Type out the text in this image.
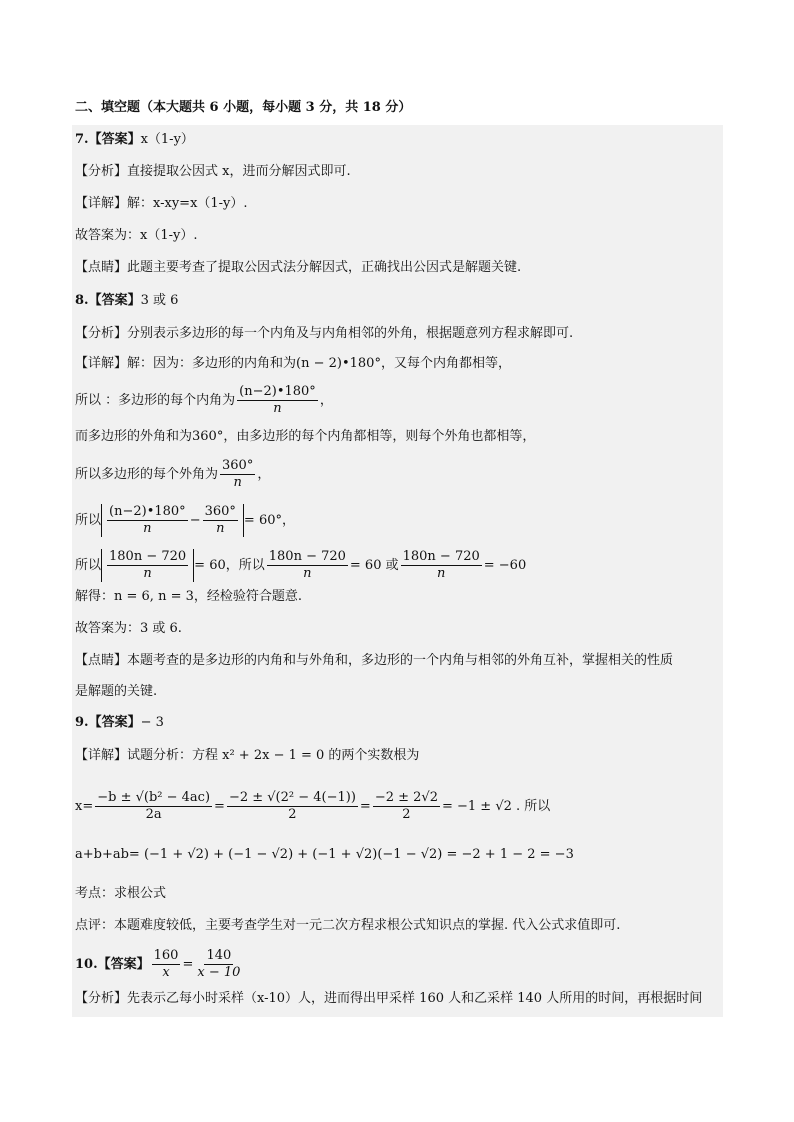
二、填空题（本大题共 6 小题，每小题 3 分，共 18 分）
7.【答案】x（1-y）
【分析】直接提取公因式 x，进而分解因式即可.
【详解】解：x-xy=x（1-y）.
故答案为：x（1-y）.
【点睛】此题主要考查了提取公因式法分解因式，正确找出公因式是解题关键.
8.【答案】3 或 6
【分析】分别表示多边形的每一个内角及与内角相邻的外角，根据题意列方程求解即可.
【详解】解：因为：多边形的内角和为(n − 2)•180°，又每个内角都相等，
所以 ：多边形的每个内角为 $\frac{(n-2)•180^\circ}{n}$ ，
而多边形的外角和为360°，由多边形的每个内角都相等，则每个外角也都相等，
所以多边形的每个外角为 $\frac{360^\circ}{n}$ ，
所以 $\frac{(n-2)•180^\circ}{n} - \frac{360^\circ}{n} = 60^\circ$，
所以 $\frac{180n - 720}{n} = 60$，所以 $\frac{180n - 720}{n} = 60$ 或 $\frac{180n - 720}{n} = -60$
解得：n = 6, n = 3，经检验符合题意.
故答案为：3 或 6.
【点睛】本题考查的是多边形的内角和与外角和，多边形的一个内角与相邻的外角互补，掌握相关的性质
是解题的关键.
9.【答案】− 3
【详解】试题分析：方程 x² + 2x − 1 = 0 的两个实数根为
$x= \frac{\text{−b ± √(b² − 4ac)}}{2a} = \frac{\text{−2 ± √(2² − 4(−1))}}{2} = \frac{-2 \pm 2√2}{2} = -1 \pm √2$ . 所以
a+b+ab= (−1 + √2) + (−1 − √2) + (−1 + √2)(−1 − √2) = −2 + 1 − 2 = −3
考点：求根公式
点评：本题难度较低，主要考查学生对一元二次方程求根公式知识点的掌握. 代入公式求值即可.
10.【答案】 $\frac{160}{x} = \frac{140}{x - 10}$
【分析】先表示乙每小时采样（x-10）人，进而得出甲采样 160 人和乙采样 140 人所用的时间，再根据时间
